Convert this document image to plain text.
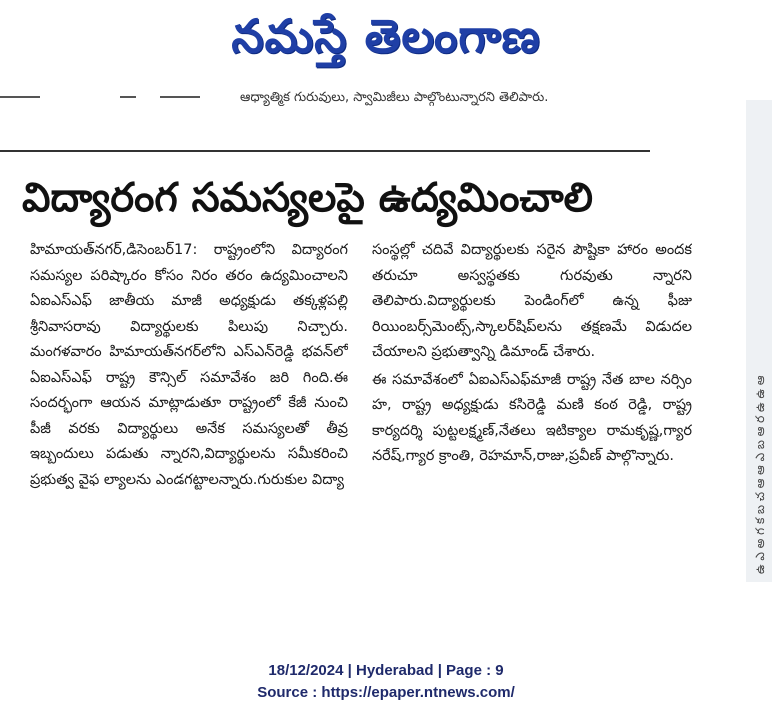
నమస్తే తెలంగాణ
ఆధ్యాత్మిక గురువులు, స్వామిజీలు పాల్గొంటున్నారని తెలిపారు.
ఉ ఎ అ గ క బ చ ఆ ఆ ఎ బ ఆ ర ఉ ఉ ఆ
విద్యారంగ సమస్యలపై ఉద్యమించాలి

హిమాయత్‌నగర్,డిసెంబర్17: రాష్ట్రంలోని విద్యారంగ సమస్యల పరిష్కారం కోసం నిరం తరం ఉద్యమించాలని ఏఐఎస్ఎఫ్ జాతీయ మాజీ అధ్యక్షుడు తక్కళ్లపల్లి శ్రీనివాసరావు విద్యార్థులకు పిలుపు నిచ్చారు. మంగళవారం హిమాయత్‌నగర్‌లోని ఎస్ఎన్‌రెడ్డి భవన్‌లో ఏఐఎస్ఎఫ్ రాష్ట్ర కౌన్సిల్ సమావేశం జరి గింది.ఈ సందర్భంగా ఆయన మాట్లాడుతూ రాష్ట్రంలో కేజీ నుంచి పీజీ వరకు విద్యార్థులు అనేక సమస్యలతో తీవ్ర ఇబ్బందులు పడుతు న్నారని,విద్యార్థులను సమీకరించి ప్రభుత్వ వైఫ ల్యాలను ఎండగట్టాలన్నారు.గురుకుల విద్యా

సంస్థల్లో చదివే విద్యార్థులకు సరైన పౌష్టికా హారం అందక తరుచూ అస్వస్థతకు గురవుతు న్నారని తెలిపారు.విద్యార్థులకు పెండింగ్‌లో ఉన్న ఫీజు రియింబర్స్‌మెంట్స్,స్కాలర్‌షిప్‌లను తక్షణమే విడుదల చేయాలని ప్రభుత్వాన్ని డిమాండ్ చేశారు.

ఈ సమావేశంలో ఏఐఎస్ఎఫ్‌మాజీ రాష్ట్ర నేత బాల నర్సిం హ, రాష్ట్ర అధ్యక్షుడు కసిరెడ్డి మణి కంఠ రెడ్డి, రాష్ట్ర కార్యదర్శి పుట్టలక్ష్మణ్,నేతలు ఇటిక్యాల రామకృష్ణ,గ్యార నరేష్,గ్యార క్రాంతి, రెహమాన్,రాజు,ప్రవీణ్ పాల్గొన్నారు.

18/12/2024 | Hyderabad | Page : 9
Source : https://epaper.ntnews.com/
